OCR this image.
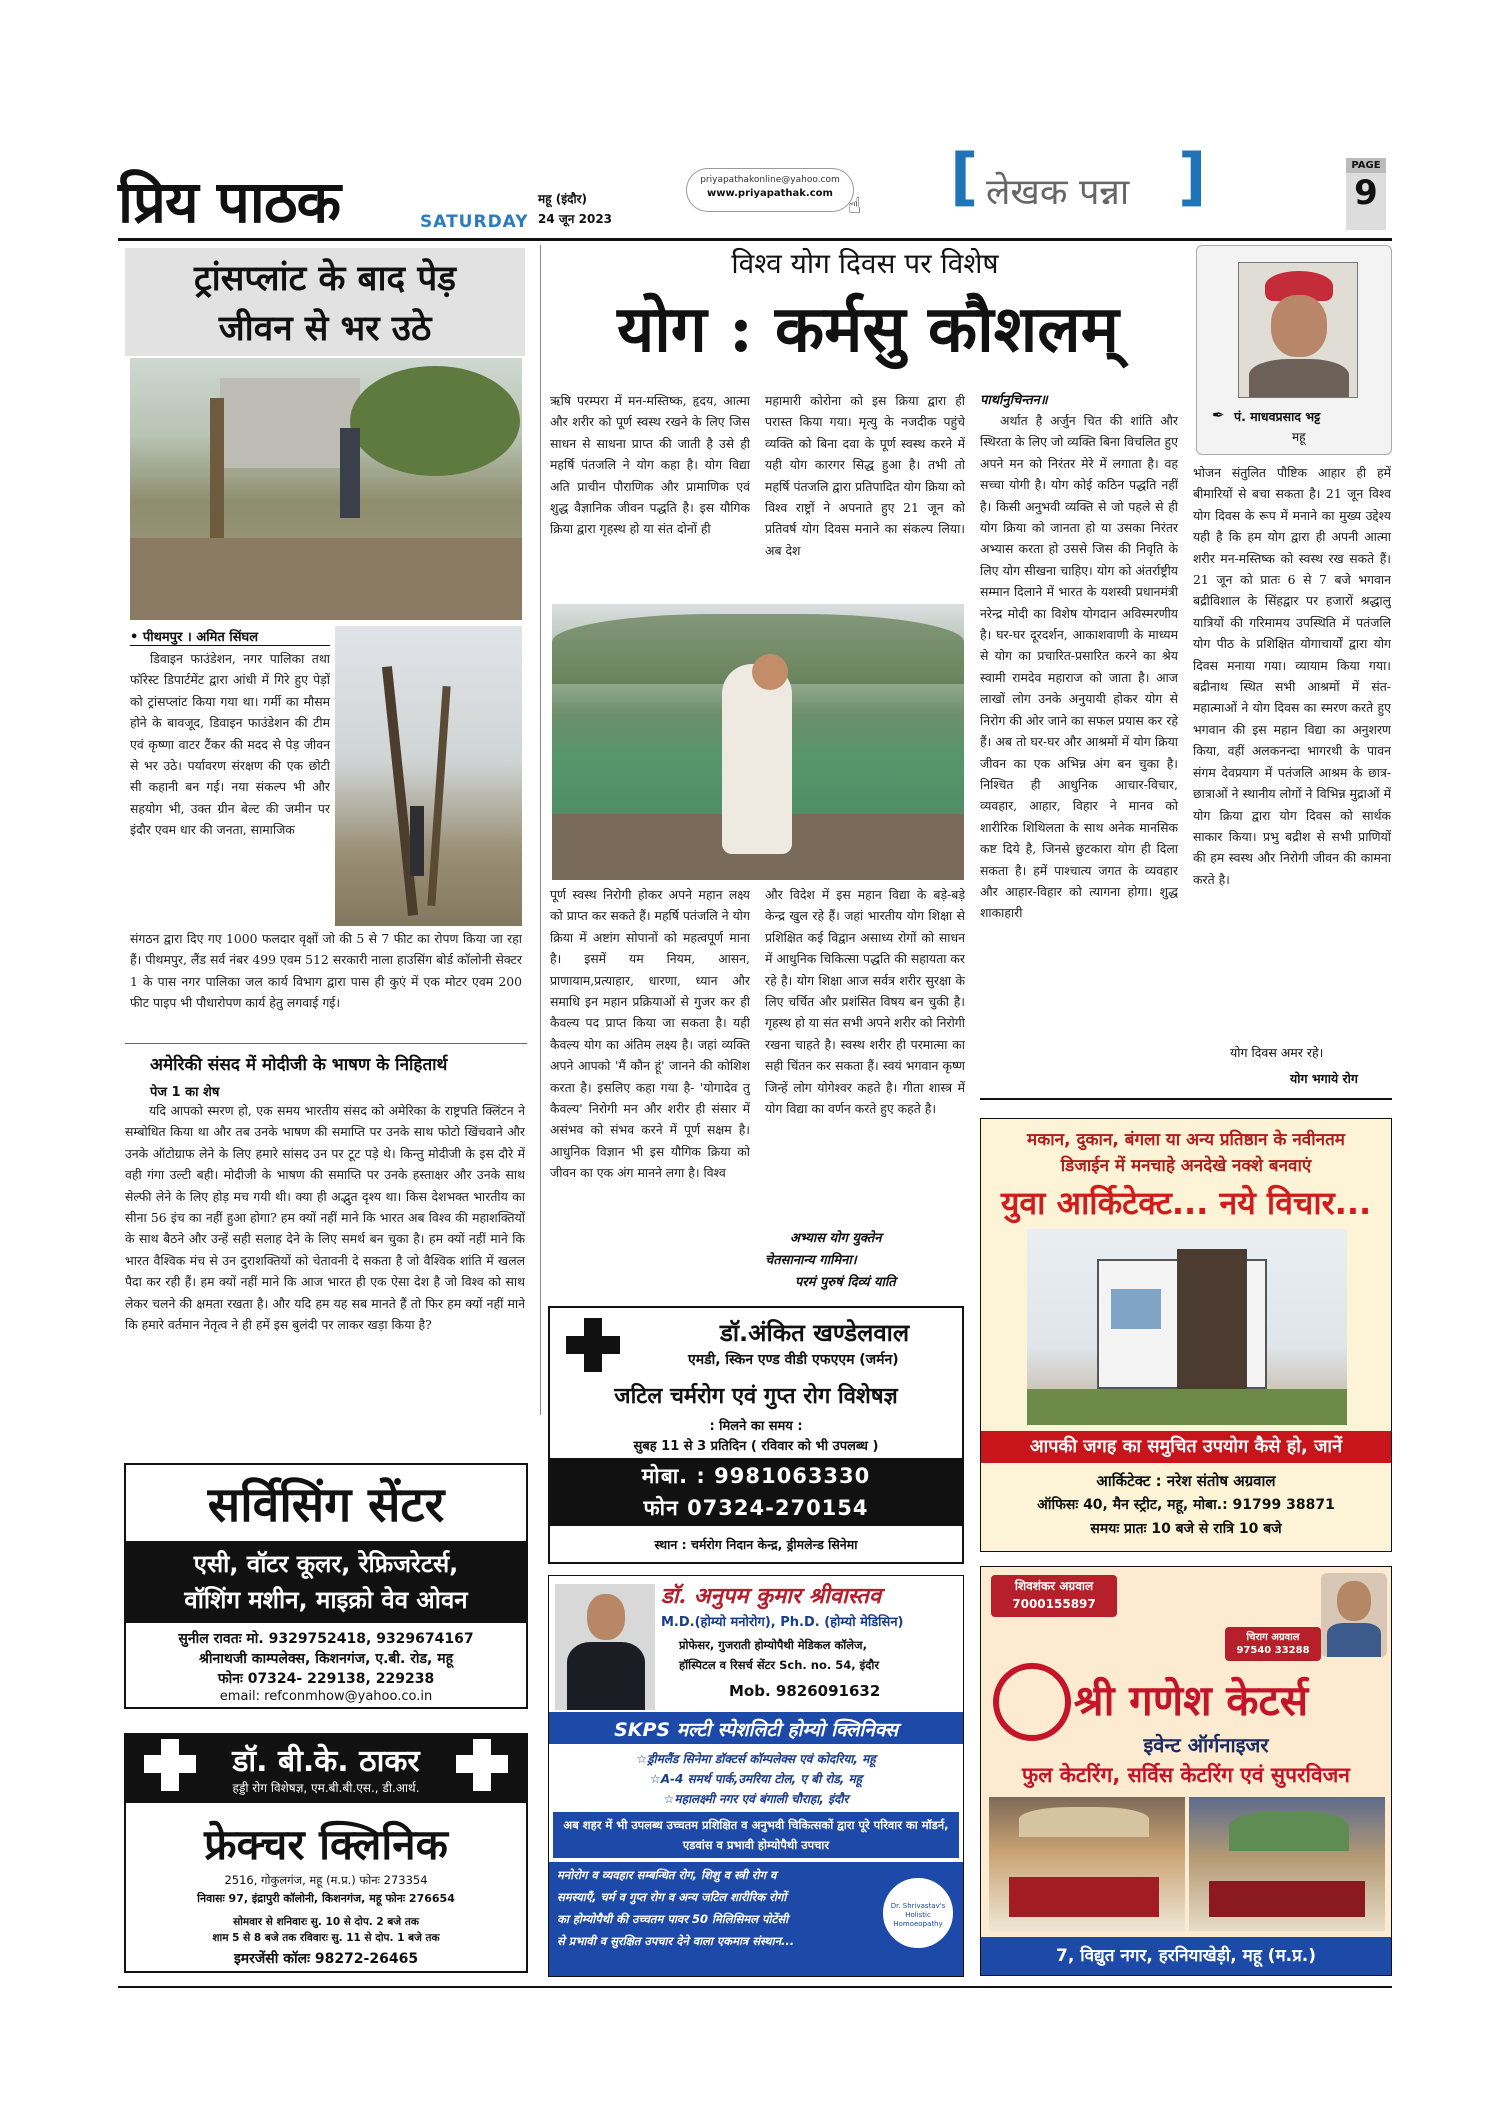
प्रिय पाठक	SATURDAY
महू (इंदौर)
24 जून 2023
priyapathakonline@yahoo.com
www.priyapathak.com
☝ [ लेखक पन्ना ]	PAGE
9
ट्रांसप्लांट के बाद पेड़
जीवन से भर उठे
• पीथमपुर । अमित सिंघल
डिवाइन फाउंडेशन, नगर पालिका तथा फॉरेस्ट डिपार्टमेंट द्वारा आंधी में गिरे हुए पेड़ों को ट्रांसप्लांट किया गया था। गर्मी का मौसम होने के बावजूद, डिवाइन फाउंडेशन की टीम एवं कृष्णा वाटर टैंकर की मदद से पेड़ जीवन से भर उठे। पर्यावरण संरक्षण की एक छोटी सी कहानी बन गई। नया संकल्प भी और सहयोग भी, उक्त ग्रीन बेल्ट की जमीन पर इंदौर एवम धार की जनता, सामाजिक
संगठन द्वारा दिए गए 1000 फलदार वृक्षों जो की 5 से 7 फीट का रोपण किया जा रहा हैं। पीथमपुर, लैंड सर्व नंबर 499 एवम 512 सरकारी नाला हाउसिंग बोर्ड कॉलोनी सेक्टर 1 के पास नगर पालिका जल कार्य विभाग द्वारा पास ही कुएं में एक मोटर एवम 200 फीट पाइप भी पौधारोपण कार्य हेतु लगवाई गई।
अमेरिकी संसद में मोदीजी के भाषण के निहितार्थ
पेज 1 का शेष
यदि आपको स्मरण हो, एक समय भारतीय संसद को अमेरिका के राष्ट्रपति क्लिंटन ने सम्बोधित किया था और तब उनके भाषण की समाप्ति पर उनके साथ फोटो खिंचवाने और उनके ऑटोग्राफ लेने के लिए हमारे सांसद उन पर टूट पड़े थे। किन्तु मोदीजी के इस दौरे में वही गंगा उल्टी बही। मोदीजी के भाषण की समाप्ति पर उनके हस्ताक्षर और उनके साथ सेल्फी लेने के लिए होड़ मच गयी थी। क्या ही अद्भुत दृश्य था। किस देशभक्त भारतीय का सीना 56 इंच का नहीं हुआ होगा? हम क्यों नहीं माने कि भारत अब विश्व की महाशक्तियों के साथ बैठने और उन्हें सही सलाह देने के लिए समर्थ बन चुका है। हम क्यों नहीं माने कि भारत वैश्विक मंच से उन दुराशक्तियों को चेतावनी दे सकता है जो वैश्विक शांति में खलल पैदा कर रही हैं। हम क्यों नहीं माने कि आज भारत ही एक ऐसा देश है जो विश्व को साथ लेकर चलने की क्षमता रखता है। और यदि हम यह सब मानते हैं तो फिर हम क्यों नहीं माने कि हमारे वर्तमान नेतृत्व ने ही हमें इस बुलंदी पर लाकर खड़ा किया है?
विश्व योग दिवस पर विशेष
योग : कर्मसु कौशलम्
ऋषि परम्परा में मन-मस्तिष्क, हृदय, आत्मा और शरीर को पूर्ण स्वस्थ रखने के लिए जिस साधन से साधना प्राप्त की जाती है उसे ही महर्षि पंतजलि ने योग कहा है। योग विद्या अति प्राचीन पौराणिक और प्रामाणिक एवं शुद्ध वैज्ञानिक जीवन पद्धति है। इस यौगिक क्रिया द्वारा गृहस्थ हो या संत दोनों ही
महामारी कोरोना को इस क्रिया द्वारा ही परास्त किया गया। मृत्यु के नजदीक पहुंचे व्यक्ति को बिना दवा के पूर्ण स्वस्थ करने में यही योग कारगर सिद्ध हुआ है। तभी तो महर्षि पंतजलि द्वारा प्रतिपादित योग क्रिया को विश्व राष्ट्रों ने अपनाते हुए 21 जून को प्रतिवर्ष योग दिवस मनाने का संकल्प लिया। अब देश
पूर्ण स्वस्थ निरोगी होकर अपने महान लक्ष्य को प्राप्त कर सकते हैं। महर्षि पतंजलि ने योग क्रिया में अष्टांग सोपानों को महत्वपूर्ण माना है। इसमें यम नियम, आसन, प्राणायाम,प्रत्याहार, धारणा, ध्यान और समाधि इन महान प्रक्रियाओं से गुजर कर ही कैवल्य पद प्राप्त किया जा सकता है। यही कैवल्य योग का अंतिम लक्ष्य है। जहां व्यक्ति अपने आपको 'मैं कौन हूं' जानने की कोशिश करता है। इसलिए कहा गया है- 'योगादेव तु कैवल्य' निरोगी मन और शरीर ही संसार में असंभव को संभव करने में पूर्ण सक्षम है। आधुनिक विज्ञान भी इस यौगिक क्रिया को जीवन का एक अंग मानने लगा है। विश्व
और विदेश में इस महान विद्या के बड़े-बड़े केन्द्र खुल रहे हैं। जहां भारतीय योग शिक्षा से प्रशिक्षित कई विद्वान असाध्य रोगों को साधन में आधुनिक चिकित्सा पद्धति की सहायता कर रहे है। योग शिक्षा आज सर्वत्र शरीर सुरक्षा के लिए चर्चित और प्रशंसित विषय बन चुकी है। गृहस्थ हो या संत सभी अपने शरीर को निरोगी रखना चाहते है। स्वस्थ शरीर ही परमात्मा का सही चिंतन कर सकता हैं। स्वयं भगवान कृष्ण जिन्हें लोग योगेश्वर कहते है। गीता शास्त्र में योग विद्या का वर्णन करते हुए कहते है।
अभ्यास योग युक्तेन
चेतसानान्य गामिना।
परमं पुरुषं दिव्यं याति
पार्थानुचिन्तन॥
अर्थात है अर्जुन चित की शांति और स्थिरता के लिए जो व्यक्ति बिना विचलित हुए अपने मन को निरंतर मेरे में लगाता है। वह सच्चा योगी है। योग कोई कठिन पद्धति नहीं है। किसी अनुभवी व्यक्ति से जो पहले से ही योग क्रिया को जानता हो या उसका निरंतर अभ्यास करता हो उससे जिस की निवृति के लिए योग सीखना चाहिए। योग को अंतर्राष्ट्रीय सम्मान दिलाने में भारत के यशस्वी प्रधानमंत्री नरेन्द्र मोदी का विशेष योगदान अविस्मरणीय है। घर-घर दूरदर्शन, आकाशवाणी के माध्यम से योग का प्रचारित-प्रसारित करने का श्रेय स्वामी रामदेव महाराज को जाता है। आज लाखों लोग उनके अनुयायी होकर योग से निरोग की ओर जाने का सफल प्रयास कर रहे हैं। अब तो घर-घर और आश्रमों में योग क्रिया जीवन का एक अभिन्न अंग बन चुका है। निश्चित ही आधुनिक आचार-विचार, व्यवहार, आहार, विहार ने मानव को शारीरिक शिथिलता के साथ अनेक मानसिक कष्ट दिये है, जिनसे छुटकारा योग ही दिला सकता है। हमें पाश्चात्य जगत के व्यवहार और आहार-विहार को त्यागना होगा। शुद्ध शाकाहारी
✒ पं. माधवप्रसाद भट्ट
महू
भोजन संतुलित पौष्टिक आहार ही हमें बीमारियों से बचा सकता है। 21 जून विश्व योग दिवस के रूप में मनाने का मुख्य उद्देश्य यही है कि हम योग द्वारा ही अपनी आत्मा शरीर मन-मस्तिष्क को स्वस्थ रख सकते हैं। 21 जून को प्रातः 6 से 7 बजे भगवान बद्रीविशाल के सिंहद्वार पर हजारों श्रद्धालु यात्रियों की गरिमामय उपस्थिति में पतंजलि योग पीठ के प्रशिक्षित योगाचार्यों द्वारा योग दिवस मनाया गया। व्यायाम किया गया। बद्रीनाथ स्थित सभी आश्रमों में संत-महात्माओं ने योग दिवस का स्मरण करते हुए भगवान की इस महान विद्या का अनुशरण किया, वहीं अलकनन्दा भागरथी के पावन संगम देवप्रयाग में पतंजलि आश्रम के छात्र-छात्राओं ने स्थानीय लोगों ने विभिन्न मुद्राओं में योग क्रिया द्वारा योग दिवस को सार्थक साकार किया। प्रभु बद्रीश से सभी प्राणियों की हम स्वस्थ और निरोगी जीवन की कामना करते है।
योग दिवस अमर रहे।
योग भगाये रोग
सर्विसिंग सेंटर
एसी, वॉटर कूलर, रेफ्रिजरेटर्स,
वॉशिंग मशीन, माइक्रो वेव ओवन
सुनील रावतः मो. 9329752418, 9329674167
श्रीनाथजी काम्पलेक्स, किशनगंज, ए.बी. रोड, महू
फोनः 07324- 229138, 229238
email: refconmhow@yahoo.co.in
डॉ. बी.के. ठाकर
हड्डी रोग विशेषज्ञ, एम.बी.बी.एस., डी.आर्थ.
फ्रेक्चर क्लिनिक
2516, गोकुलगंज, महू (म.प्र.) फोनः 273354
निवासः 97, इंद्रापुरी कॉलोनी, किशनगंज, महू फोनः 276654
सोमवार से शनिवारः सु. 10 से दोप. 2 बजे तक
शाम 5 से 8 बजे तक रविवारः सु. 11 से दोप. 1 बजे तक
इमरजेंसी कॉलः 98272-26465
डॉ.अंकित खण्डेलवाल
एमडी, स्किन एण्ड वीडी एफएएम (जर्मन)
जटिल चर्मरोग एवं गुप्त रोग विशेषज्ञ
: मिलने का समय :
सुबह 11 से 3 प्रतिदिन ( रविवार को भी उपलब्ध )
मोबा. : 9981063330
फोन 07324-270154
स्थान : चर्मरोग निदान केन्द्र, ड्रीमलेन्ड सिनेमा
डॉ. अनुपम कुमार श्रीवास्तव
M.D.(होम्यो मनोरोग), Ph.D. (होम्यो मेडिसिन)
प्रोफेसर, गुजराती होम्योपैथी मेडिकल कॉलेज,
हॉस्पिटल व रिसर्च सेंटर Sch. no. 54, इंदौर
Mob. 9826091632
SKPS मल्टी स्पेशलिटी होम्यो क्लिनिक्स
☆ड्रीमलैंड सिनेमा डॉक्टर्स कॉम्पलेक्स एवं कोदरिया, महू
☆A-4 समर्थ पार्क,उमरिया टोल, ए बी रोड, महू
☆महालक्ष्मी नगर एवं बंगाली चौराहा, इंदौर
अब शहर में भी उपलब्ध उच्चतम प्रशिक्षित व अनुभवी चिकित्सकों द्वारा पूरे परिवार का मॉडर्न, एडवांस व प्रभावी होम्योपैथी उपचार
मनोरोग व व्यवहार सम्बन्धित रोग, शिशु व स्त्री रोग व
समस्याएँ, चर्म व गुप्त रोग व अन्य जटिल शारीरिक रोगों
का होम्योपैथी की उच्चतम पावर 50 मिलिसिमल पोटेंसी
से प्रभावी व सुरक्षित उपचार देने वाला एकमात्र संस्थान...
Dr. Shrivastav's Holistic Homoeopathy
मकान, दुकान, बंगला या अन्य प्रतिष्ठान के नवीनतम
डिजाईन में मनचाहे अनदेखे नक्शे बनवाएं
युवा आर्किटेक्ट... नये विचार...
आपकी जगह का समुचित उपयोग कैसे हो, जानें
आर्किटेक्ट : नरेश संतोष अग्रवाल
ऑफिसः 40, मैन स्ट्रीट, महू, मोबा.: 91799 38871
समयः प्रातः 10 बजे से रात्रि 10 बजे
शिवशंकर अग्रवाल
7000155897
चिराग अग्रवाल
97540 33288
श्री गणेश केटर्स
इवेन्ट ऑर्गनाइजर
फुल केटरिंग, सर्विस केटरिंग एवं सुपरविजन
7, विद्युत नगर, हरनियाखेड़ी, महू (म.प्र.)
